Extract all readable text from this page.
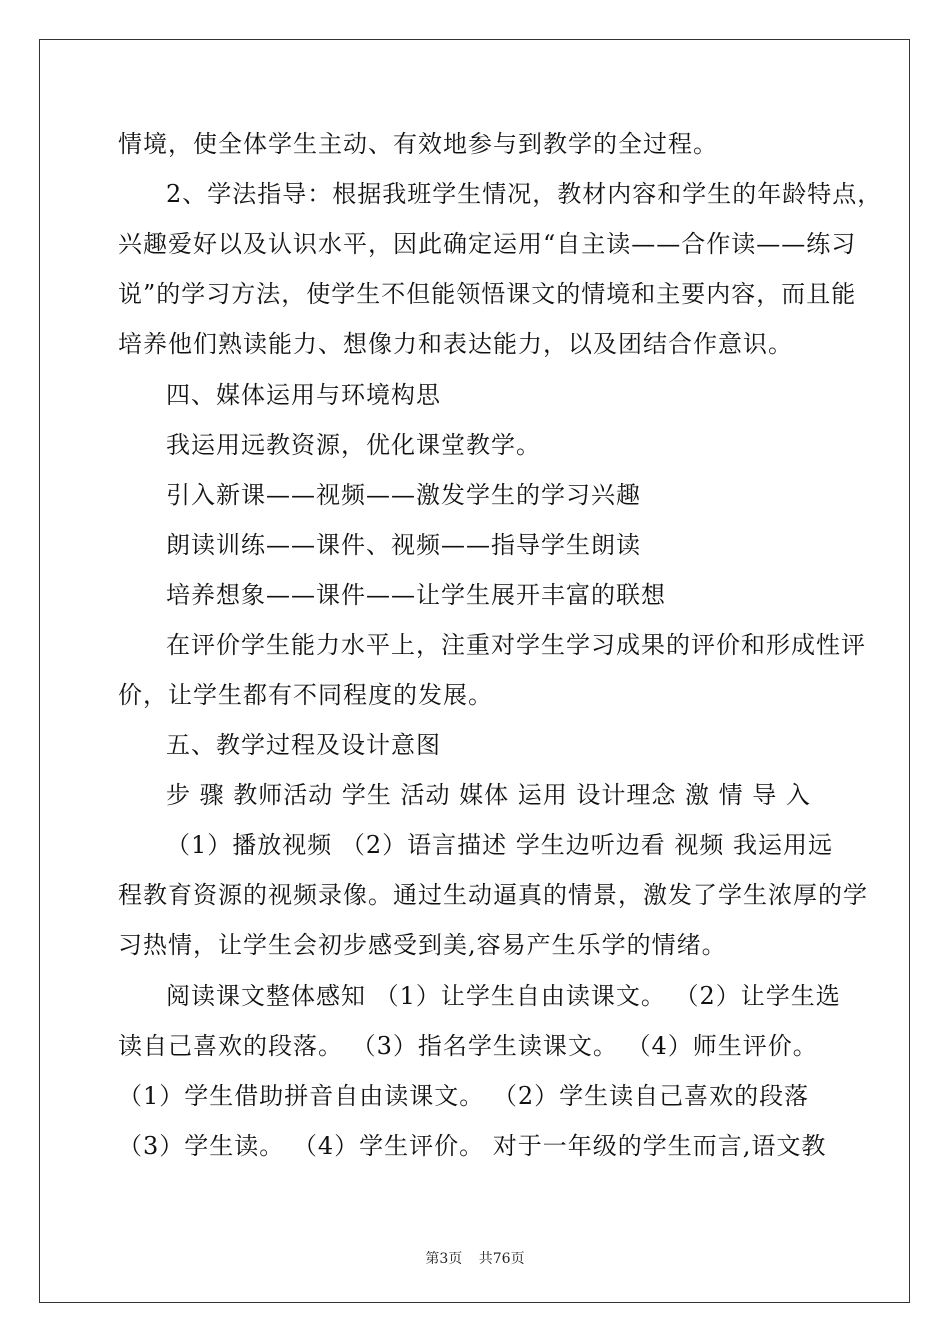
情境，使全体学生主动、有效地参与到教学的全过程。
2、学法指导：根据我班学生情况，教材内容和学生的年龄特点，
兴趣爱好以及认识水平，因此确定运用“自主读——合作读——练习
说”的学习方法，使学生不但能领悟课文的情境和主要内容，而且能
培养他们熟读能力、想像力和表达能力，以及团结合作意识。
四、媒体运用与环境构思
我运用远教资源，优化课堂教学。
引入新课——视频——激发学生的学习兴趣
朗读训练——课件、视频——指导学生朗读
培养想象——课件——让学生展开丰富的联想
在评价学生能力水平上，注重对学生学习成果的评价和形成性评
价，让学生都有不同程度的发展。
五、教学过程及设计意图
步 骤 教师活动 学生 活动 媒体 运用 设计理念 激 情 导 入
（1）播放视频 （2）语言描述 学生边听边看 视频 我运用远
程教育资源的视频录像。通过生动逼真的情景，激发了学生浓厚的学
习热情，让学生会初步感受到美,容易产生乐学的情绪。
阅读课文整体感知 （1）让学生自由读课文。 （2）让学生选
读自己喜欢的段落。 （3）指名学生读课文。 （4）师生评价。
（1）学生借助拼音自由读课文。 （2）学生读自己喜欢的段落
（3）学生读。 （4）学生评价。 对于一年级的学生而言,语文教
第3页 共76页
